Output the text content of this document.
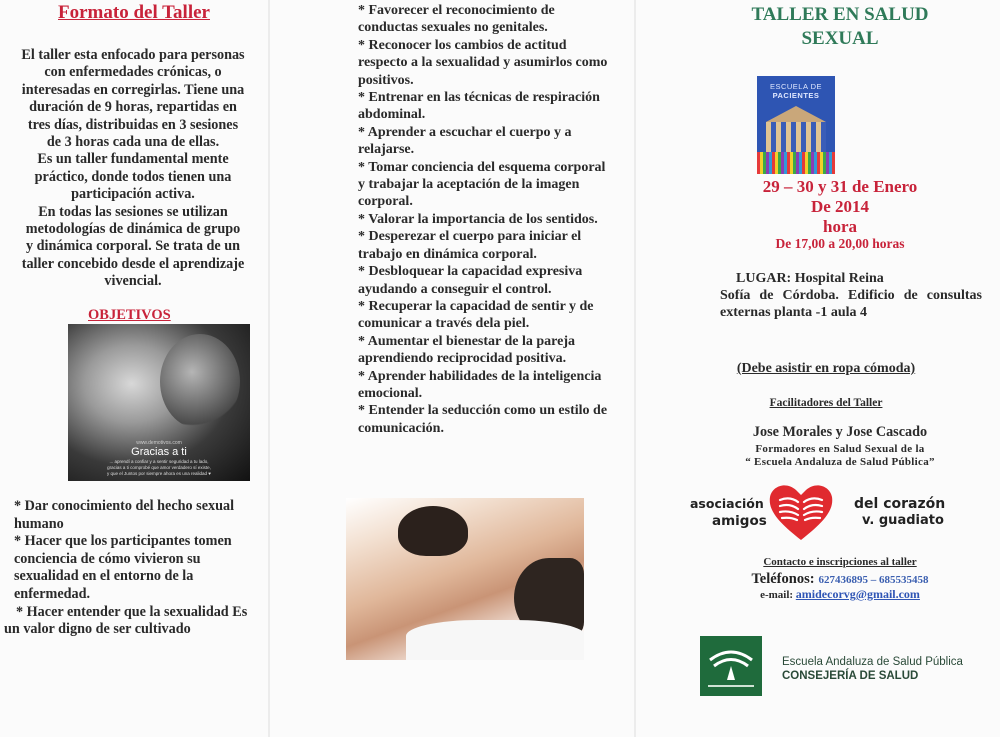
Formato del Taller
El taller esta enfocado para personas
con enfermedades crónicas, o
interesadas en corregirlas. Tiene una
duración de 9 horas, repartidas en
tres días, distribuidas en 3 sesiones
de 3 horas cada una de ellas.
Es un taller fundamental mente
práctico, donde todos tienen una
participación activa.
En todas las sesiones se utilizan
metodologías de dinámica de grupo
y dinámica corporal. Se trata de un
taller concebido desde el aprendizaje
vivencial.
OBJETIVOS
www.demotivos.com
Gracias a ti
... aprendí a confiar y a sentir seguridad a tu lado,
gracias a ti comprobé que amor verdadero sí existe,
y que el Juntos por siempre ahora es una realidad ♥
* Dar conocimiento del hecho sexual humano
* Hacer que los participantes tomen conciencia de cómo vivieron su sexualidad en el entorno de la enfermedad.
* Hacer entender que la sexualidad Es un valor digno de ser cultivado
* Favorecer el reconocimiento de conductas sexuales no genitales.
* Reconocer los cambios de actitud respecto a la sexualidad y asumirlos como positivos.
* Entrenar en las técnicas de respiración abdominal.
* Aprender a escuchar el cuerpo y a relajarse.
* Tomar conciencia del esquema corporal y trabajar la aceptación de la imagen corporal.
* Valorar la importancia de los sentidos.
* Desperezar el cuerpo para iniciar el trabajo en dinámica corporal.
* Desbloquear la capacidad expresiva ayudando a conseguir el control.
* Recuperar la capacidad de sentir y de comunicar a través dela piel.
* Aumentar el bienestar de la pareja aprendiendo reciprocidad positiva.
* Aprender habilidades de la inteligencia emocional.
* Entender la seducción como un estilo de comunicación.
TALLER EN SALUD
SEXUAL
ESCUELA DE
PACIENTES
29 – 30 y 31 de Enero
De 2014
hora
De 17,00 a 20,00 horas
LUGAR: Hospital Reina
Sofía de Córdoba. Edificio de consultas externas planta -1 aula 4
(Debe asistir en ropa cómoda)
Facilitadores del Taller
Jose Morales y Jose Cascado
Formadores en Salud Sexual de la
“ Escuela Andaluza de Salud Pública”
asociación
amigos
del corazón
v. guadiato
Contacto e inscripciones al taller
Teléfonos: 627436895 – 685535458
e-mail: amidecorvg@gmail.com
Escuela Andaluza de Salud Pública
CONSEJERÍA DE SALUD
